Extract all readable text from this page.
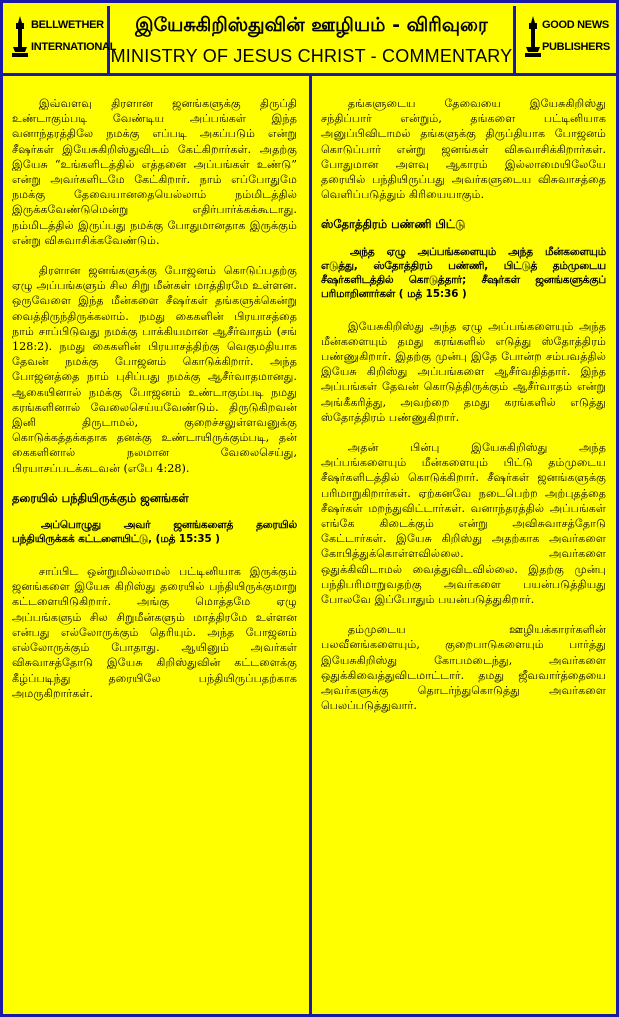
BELLWETHER
INTERNATIONAL
இயேசுகிறிஸ்துவின் ஊழியம் - விரிவுரை
MINISTRY OF JESUS CHRIST - COMMENTARY
GOOD NEWS
PUBLISHERS

இவ்வளவு திரளான ஜனங்களுக்கு திருப்தி உண்டாகும்படி வேண்டிய அப்பங்கள் இந்த வனாந்தரத்திலே நமக்கு எப்படி அகப்படும் என்று சீஷர்கள் இயேசுகிறிஸ்துவிடம் கேட்கிறார்கள். அதற்கு இயேசு “உங்களிடத்தில் எத்தனை அப்பங்கள் உண்டு” என்று அவர்களிடமே கேட்கிறார். நாம் எப்போதுமே நமக்கு தேவையானதையெல்லாம் நம்மிடத்தில் இருக்கவேண்டுமென்று எதிர்பார்க்கக்கூடாது. நம்மிடத்தில் இருப்பது நமக்கு போதுமானதாக இருக்கும் என்று விசுவாசிக்கவேண்டும்.

திரளான ஜனங்களுக்கு போஜனம் கொடுப்பதற்கு ஏழு அப்பங்களும் சில சிறு மீன்கள் மாத்திரமே உள்ளன. ஒருவேளை இந்த மீன்களை சீஷர்கள் தங்களுக்கென்று வைத்திருந்திருக்கலாம். நமது கைகளின் பிரயாசத்தை நாம் சாப்பிடுவது நமக்கு பாக்கியமான ஆசீர்வாதம் (சங் 128:2). நமது கைகளின் பிரயாசத்திற்கு வெகுமதியாக தேவன் நமக்கு போஜனம் கொடுக்கிறார். அந்த போஜனத்தை நாம் புசிப்பது நமக்கு ஆசீர்வாதமானது. ஆகையினால் நமக்கு போஜனம் உண்டாகும்படி நமது கரங்களினால் வேலைசெய்யவேண்டும். திருடுகிறவன் இனி திருடாமல், குறைச்சலுள்ளவனுக்கு கொடுக்கத்தக்கதாக தனக்கு உண்டாயிருக்கும்படி, தன் கைகளினால் நலமான வேலைசெய்து, பிரயாசப்படக்கடவன் (எபே 4:28).

தரையில் பந்தியிருக்கும் ஜனங்கள்
அப்பொழுது அவர் ஜனங்களைத் தரையில் பந்தியிருக்கக் கட்டளையிட்டு, (மத் 15:35 )

சாப்பிட ஒன்றுமில்லாமல் பட்டினியாக இருக்கும் ஜனங்களை இயேசு கிறிஸ்து தரையில் பந்தியிருக்குமாறு கட்டளையிடுகிறார். அங்கு மொத்தமே ஏழு அப்பங்களும் சில சிறுமீன்களும் மாத்திரமே உள்ளன என்பது எல்லோருக்கும் தெரியும். அந்த போஜனம் எல்லோருக்கும் போதாது. ஆயினும் அவர்கள் விசுவாசத்தோடு இயேசு கிறிஸ்துவின் கட்டளைக்கு கீழ்ப்படிந்து தரையிலே பந்தியிருப்பதற்காக அமருகிறார்கள்.

தங்களுடைய தேவையை இயேசுகிறிஸ்து சந்திப்பார் என்றும், தங்களை பட்டினியாக அனுப்பிவிடாமல் தங்களுக்கு திருப்தியாக போஜனம் கொடுப்பார் என்று ஜனங்கள் விசுவாசிக்கிறார்கள். போதுமான அளவு ஆகாரம் இல்லாமையிலேயே தரையில் பந்தியிருப்பது அவர்களுடைய விசுவாசத்தை வெளிப்படுத்தும் கிரியையாகும்.

ஸ்தோத்திரம் பண்ணி பிட்டு
அந்த ஏழு அப்பங்களையும் அந்த மீன்களையும் எடுத்து, ஸ்தோத்திரம் பண்ணி, பிட்டுத் தம்முடைய சீஷர்களிடத்தில் கொடுத்தார்; சீஷர்கள் ஜனங்களுக்குப் பரிமாறினார்கள் ( மத் 15:36 )

இயேசுகிறிஸ்து அந்த ஏழு அப்பங்களையும் அந்த மீன்களையும் தமது கரங்களில் எடுத்து ஸ்தோத்திரம் பண்ணுகிறார். இதற்கு முன்பு இதே போன்ற சம்பவத்தில் இயேசு கிறிஸ்து அப்பங்களை ஆசீர்வதித்தார். இந்த அப்பங்கள் தேவன் கொடுத்திருக்கும் ஆசீர்வாதம் என்று அங்கீகரித்து, அவற்றை தமது கரங்களில் எடுத்து ஸ்தோத்திரம் பண்ணுகிறார்.

அதன் பின்பு இயேசுகிறிஸ்து அந்த அப்பங்களையும் மீன்களையும் பிட்டு தம்முடைய சீஷர்களிடத்தில் கொடுக்கிறார். சீஷர்கள் ஜனங்களுக்கு பரிமாறுகிறார்கள். ஏற்கனவே நடைபெற்ற அற்புதத்தை சீஷர்கள் மறந்துவிட்டார்கள். வனாந்தரத்தில் அப்பங்கள் எங்கே கிடைக்கும் என்று அவிசுவாசத்தோடு கேட்டார்கள். இயேசு கிறிஸ்து அதற்காக அவர்களை கோபித்துக்கொள்ளவில்லை. அவர்களை ஒதுக்கிவிடாமல் வைத்துவிடவில்லை. இதற்கு முன்பு பந்திபரிமாறுவதற்கு அவர்களை பயன்படுத்தியது போலவே இப்போதும் பயன்படுத்துகிறார்.

தம்முடைய ஊழியக்காரர்களின் பலவீனங்களையும், குறைபாடுகளையும் பார்த்து இயேசுகிறிஸ்து கோபமடைந்து, அவர்களை ஒதுக்கிவைத்துவிடமாட்டார். தமது ஜீவவார்த்தையை அவர்களுக்கு தொடர்ந்துகொடுத்து அவர்களை பெலப்படுத்துவார்.
